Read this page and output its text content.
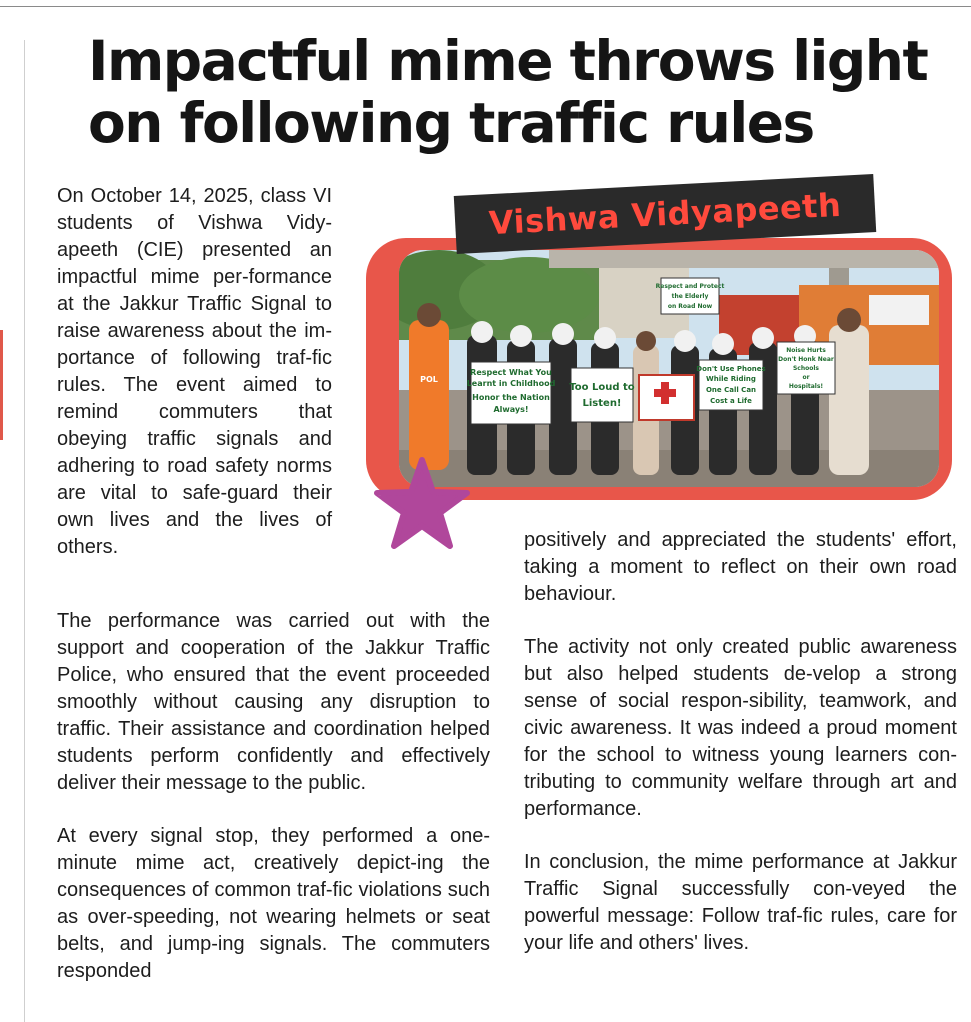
Impactful mime throws light on following traffic rules

On October 14, 2025, class VI students of Vishwa Vidy-apeeth (CIE) presented an impactful mime per-formance at the Jakkur Traffic Signal to raise awareness about the im-portance of following traf-fic rules. The event aimed to remind commuters that obeying traffic signals and adhering to road safety norms are vital to safe-guard their own lives and the lives of others.

The performance was carried out with the support and cooperation of the Jakkur Traffic Police, who ensured that the event proceeded smoothly without causing any disruption to traffic. Their assistance and coordination helped students perform confidently and effectively deliver their message to the public.

At every signal stop, they performed a one-minute mime act, creatively depict-ing the consequences of common traf-fic violations such as over-speeding, not wearing helmets or seat belts, and jump-ing signals. The commuters responded

positively and appreciated the students' effort, taking a moment to reflect on their own road behaviour.

The activity not only created public awareness but also helped students de-velop a strong sense of social respon-sibility, teamwork, and civic awareness. It was indeed a proud moment for the school to witness young learners con-tributing to community welfare through art and performance.

In conclusion, the mime performance at Jakkur Traffic Signal successfully con-veyed the powerful message: Follow traf-fic rules, care for your life and others' lives.

Respect What You
Learnt in Childhood
Honor the Nation
Always!
Too Loud to
Listen!
Don't Use Phones
While Riding
One Call Can
Cost a Life
Noise Hurts
Don't Honk Near
Schools
or
Hospitals!
Respect and Protect
the Elderly
on Road Now
POL
Vishwa Vidyapeeth
